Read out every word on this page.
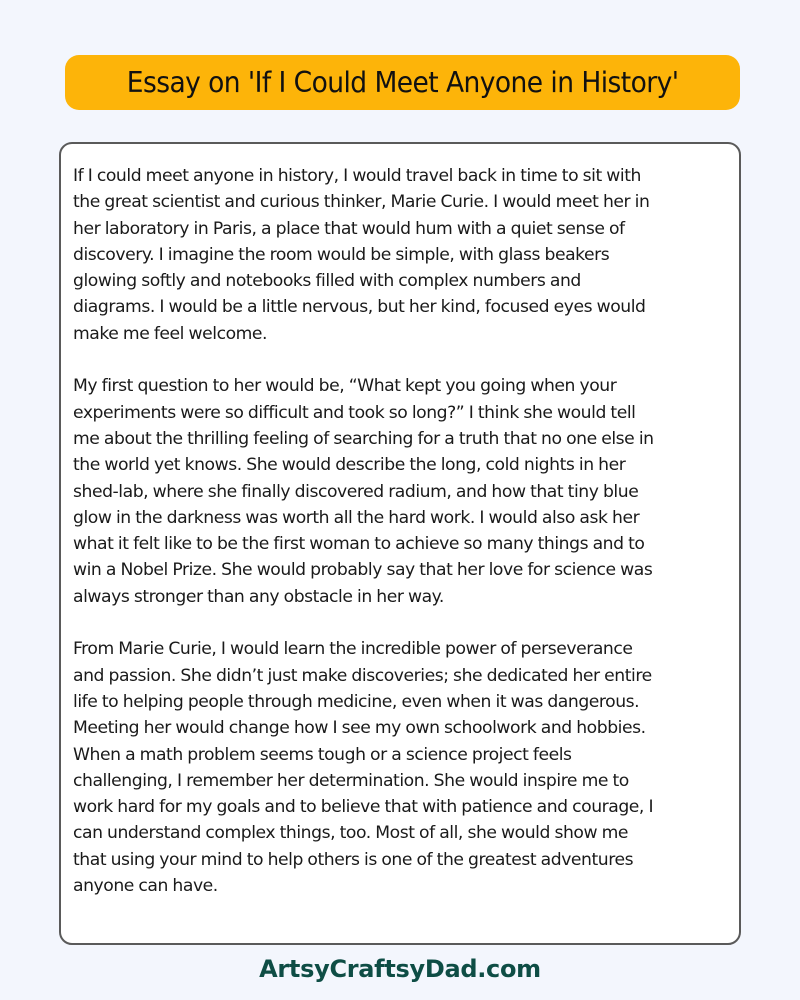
Essay on 'If I Could Meet Anyone in History'

If I could meet anyone in history, I would travel back in time to sit with
the great scientist and curious thinker, Marie Curie. I would meet her in
her laboratory in Paris, a place that would hum with a quiet sense of
discovery. I imagine the room would be simple, with glass beakers
glowing softly and notebooks filled with complex numbers and
diagrams. I would be a little nervous, but her kind, focused eyes would
make me feel welcome.

My first question to her would be, “What kept you going when your
experiments were so difficult and took so long?” I think she would tell
me about the thrilling feeling of searching for a truth that no one else in
the world yet knows. She would describe the long, cold nights in her
shed-lab, where she finally discovered radium, and how that tiny blue
glow in the darkness was worth all the hard work. I would also ask her
what it felt like to be the first woman to achieve so many things and to
win a Nobel Prize. She would probably say that her love for science was
always stronger than any obstacle in her way.

From Marie Curie, I would learn the incredible power of perseverance
and passion. She didn’t just make discoveries; she dedicated her entire
life to helping people through medicine, even when it was dangerous.
Meeting her would change how I see my own schoolwork and hobbies.
When a math problem seems tough or a science project feels
challenging, I remember her determination. She would inspire me to
work hard for my goals and to believe that with patience and courage, I
can understand complex things, too. Most of all, she would show me
that using your mind to help others is one of the greatest adventures
anyone can have.

ArtsyCraftsyDad.com
